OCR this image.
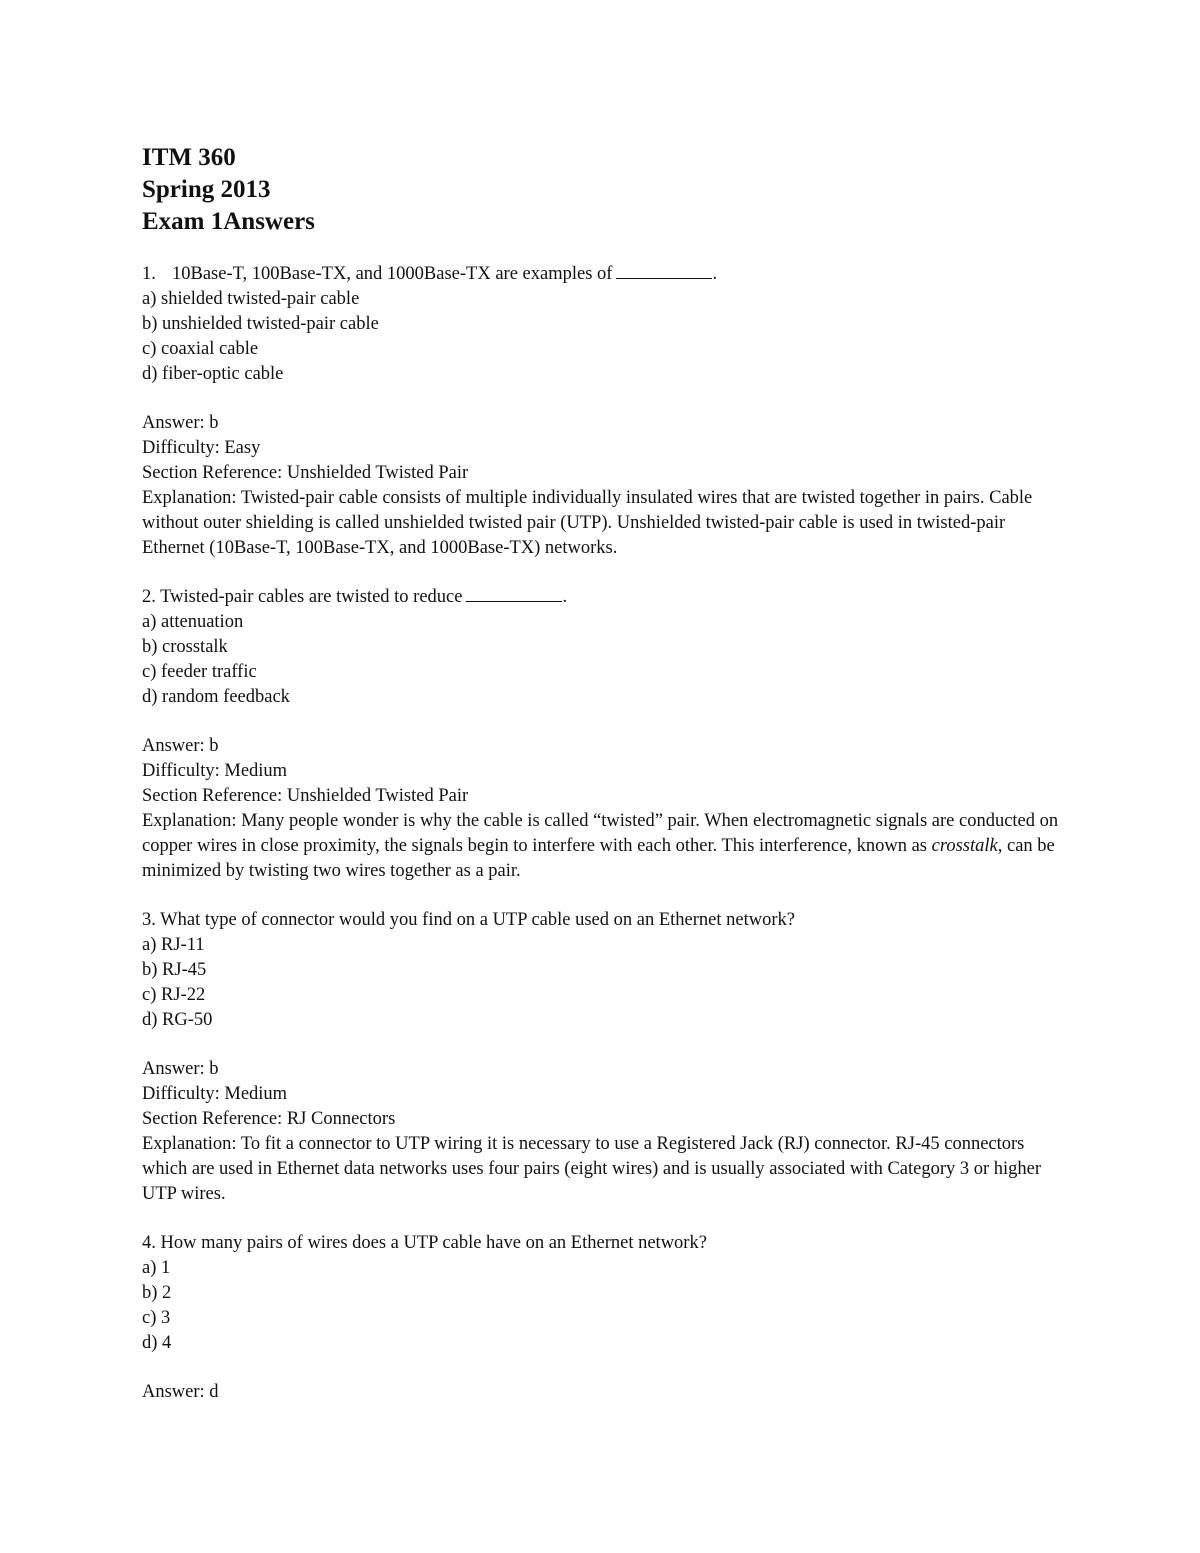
ITM 360
Spring 2013
Exam 1Answers
1. 10Base-T, 100Base-TX, and 1000Base-TX are examples of	.
a) shielded twisted-pair cable
b) unshielded twisted-pair cable
c) coaxial cable
d) fiber-optic cable
Answer: b
Difficulty: Easy
Section Reference: Unshielded Twisted Pair
Explanation: Twisted-pair cable consists of multiple individually insulated wires that are twisted together in pairs. Cable without outer shielding is called unshielded twisted pair (UTP). Unshielded twisted-pair cable is used in twisted-pair Ethernet (10Base-T, 100Base-TX, and 1000Base-TX) networks.
2. Twisted-pair cables are twisted to reduce	.
a) attenuation
b) crosstalk
c) feeder traffic
d) random feedback
Answer: b
Difficulty: Medium
Section Reference: Unshielded Twisted Pair
Explanation: Many people wonder is why the cable is called “twisted” pair. When electromagnetic signals are conducted on copper wires in close proximity, the signals begin to interfere with each other. This interference, known as crosstalk, can be minimized by twisting two wires together as a pair.
3. What type of connector would you find on a UTP cable used on an Ethernet network?
a) RJ-11
b) RJ-45
c) RJ-22
d) RG-50
Answer: b
Difficulty: Medium
Section Reference: RJ Connectors
Explanation: To fit a connector to UTP wiring it is necessary to use a Registered Jack (RJ) connector. RJ-45 connectors which are used in Ethernet data networks uses four pairs (eight wires) and is usually associated with Category 3 or higher UTP wires.
4. How many pairs of wires does a UTP cable have on an Ethernet network?
a) 1
b) 2
c) 3
d) 4
Answer: d
